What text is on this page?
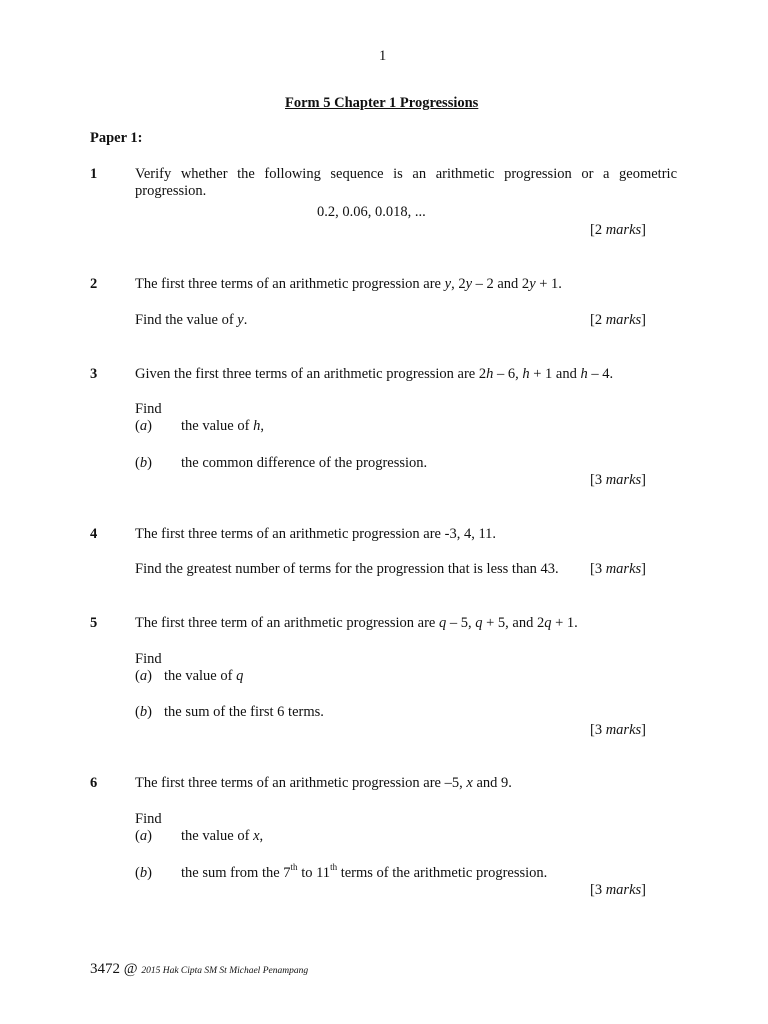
1
Form 5 Chapter 1 Progressions
Paper 1:
1	Verify whether the following sequence is an arithmetic progression or a geometric progression.
0.2, 0.06, 0.018, ...
[2 marks]
2	The first three terms of an arithmetic progression are y, 2y – 2 and 2y + 1.
Find the value of y.	[2 marks]
3	Given the first three terms of an arithmetic progression are 2h – 6, h + 1 and h – 4.
Find
(a) the value of h,
(b) the common difference of the progression.
[3 marks]
4	The first three terms of an arithmetic progression are -3, 4, 11.
Find the greatest number of terms for the progression that is less than 43. [3 marks]
5	The first three term of an arithmetic progression are q – 5, q + 5, and 2q + 1.
Find
(a) the value of q
(b) the sum of the first 6 terms.
[3 marks]
6	The first three terms of an arithmetic progression are –5, x and 9.
Find
(a) the value of x,
(b) the sum from the 7th to 11th terms of the arithmetic progression.
[3 marks]
3472 @ 2015 Hak Cipta SM St Michael Penampang
